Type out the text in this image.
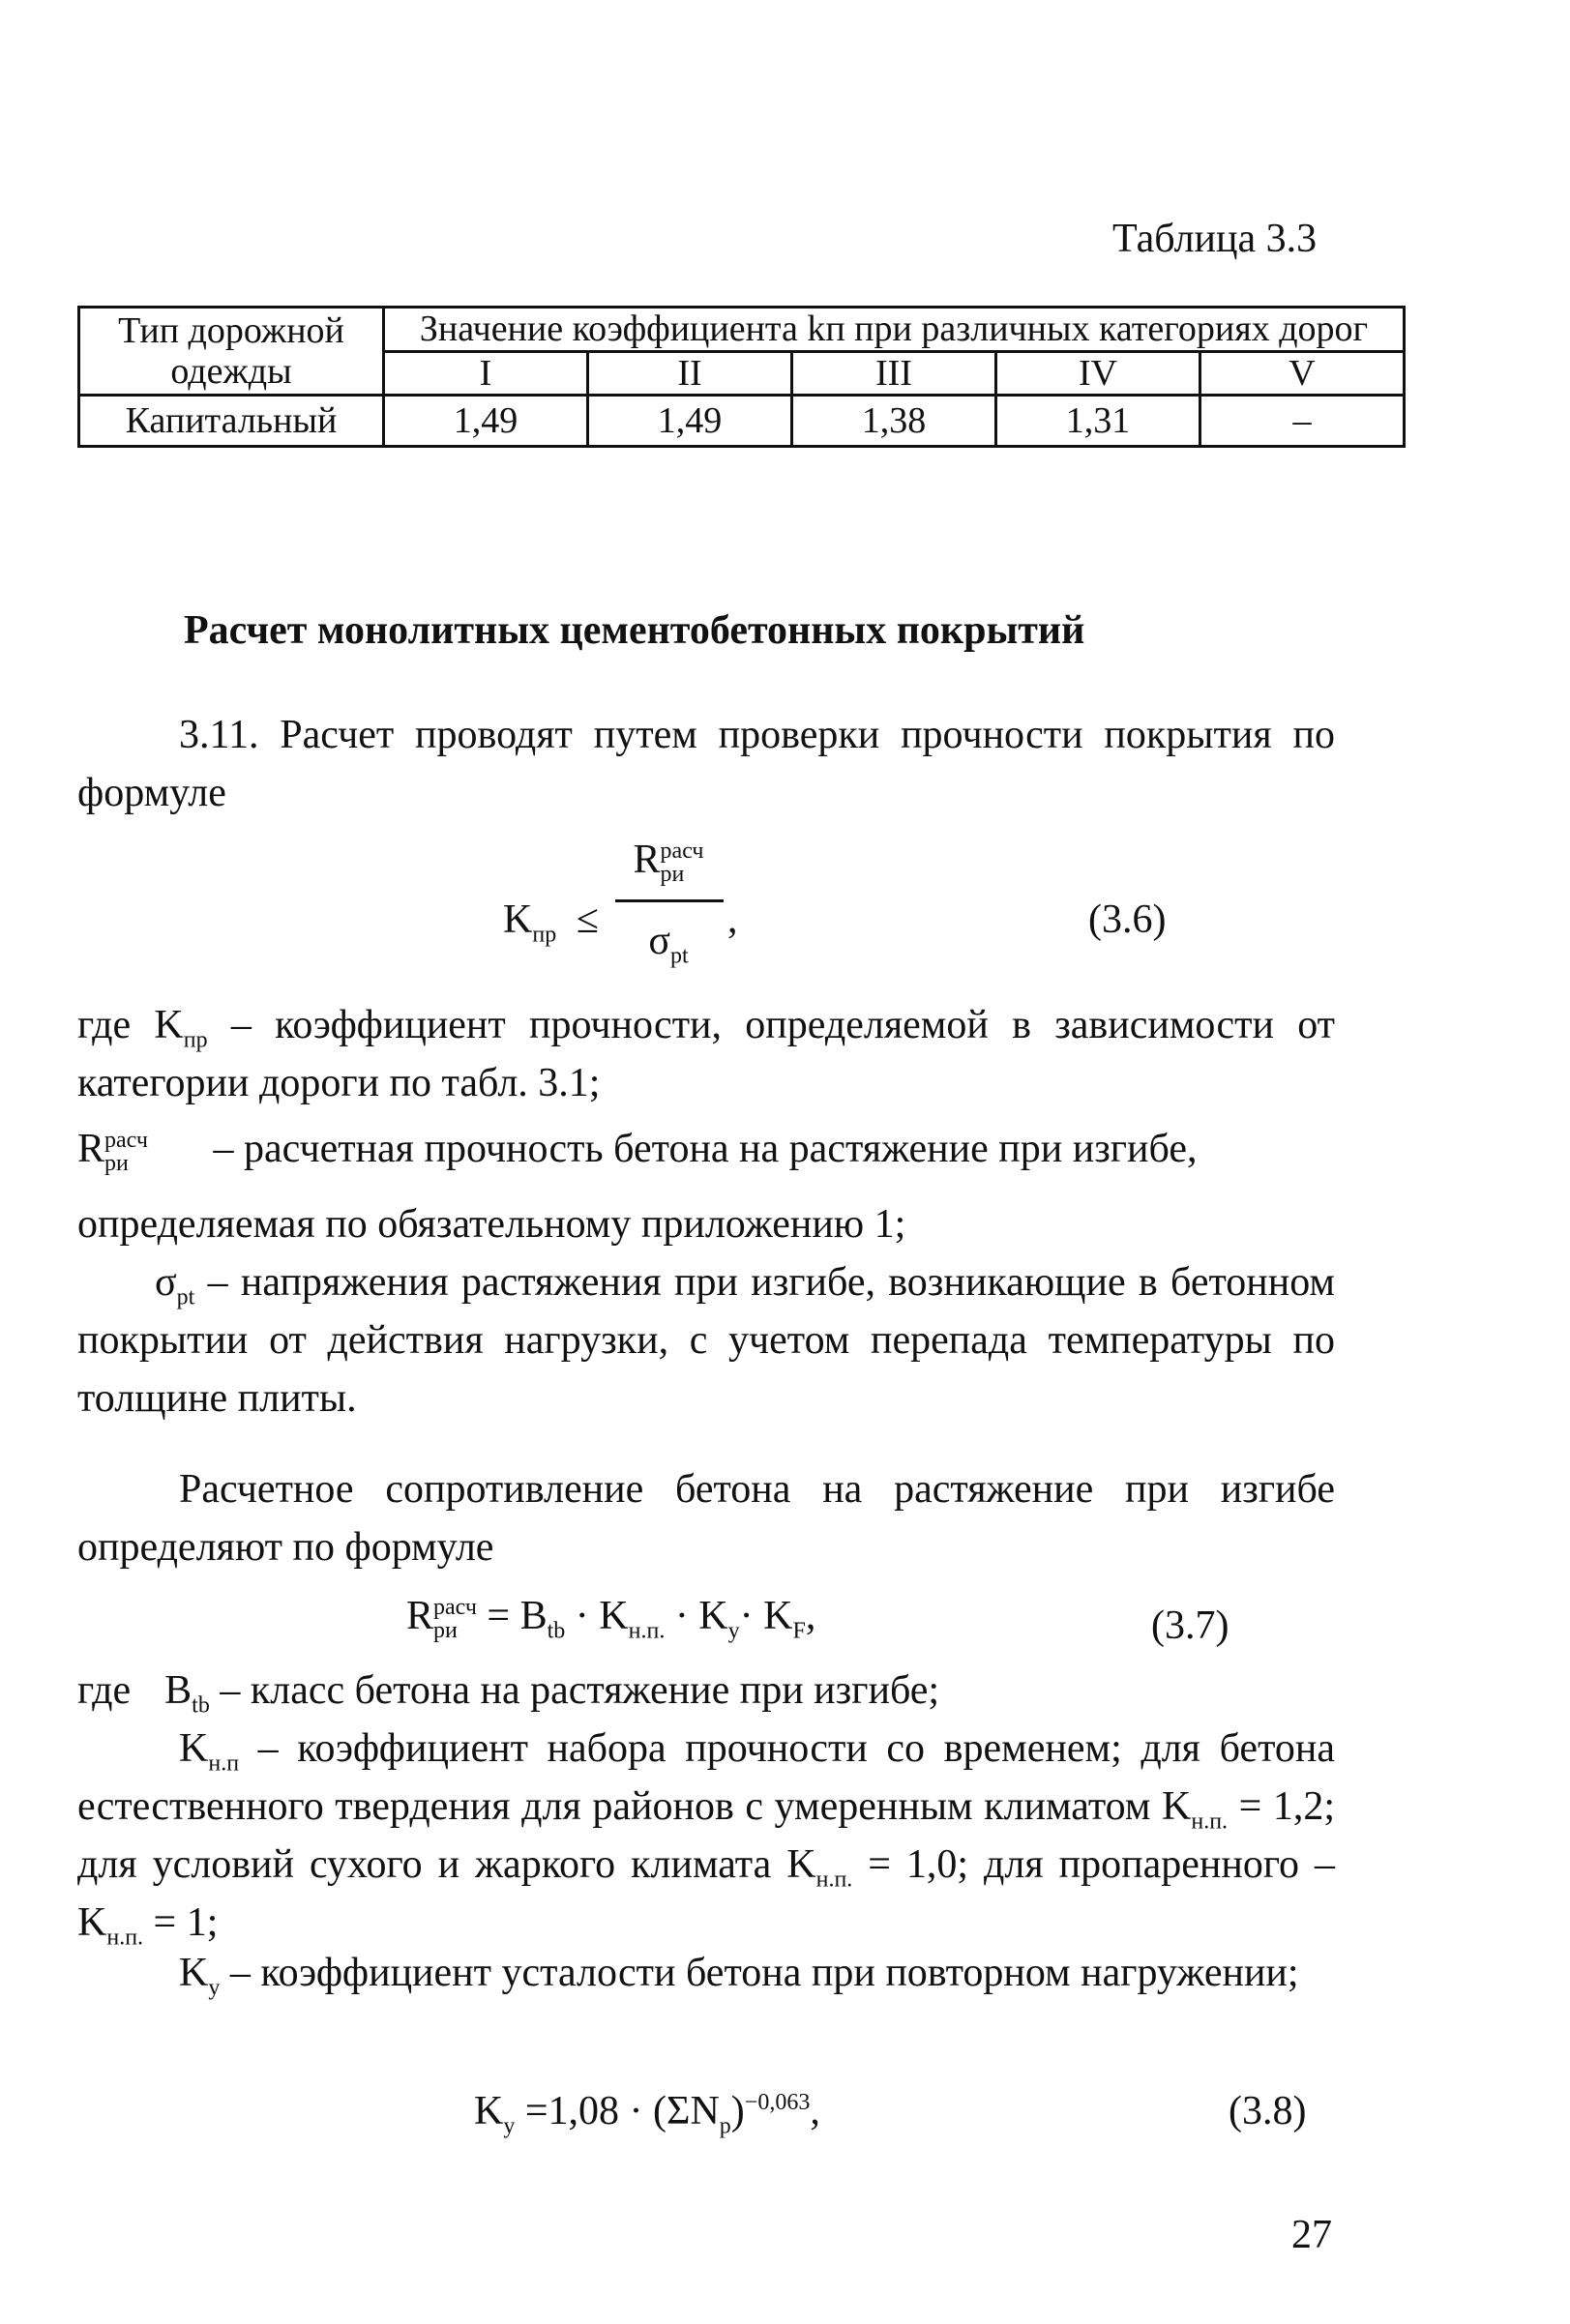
Таблица 3.3
Тип дорожной одежды	Значение коэффициента kп при различных категориях дорог				
	I	II	III	IV	V
Капитальный	1,49	1,49	1,38	1,31	–
Расчет монолитных цементобетонных покрытий
3.11. Расчет проводят путем проверки прочности покрытия по формуле
$K_{пр}$ ≤
R расч
ри
$\sigma_{pt}$
,	(3.6)
где $K_{пр}$ – коэффициент прочности, определяемой в зависимости от категории дороги по табл. 3.1;
R расч
ри	– расчетная прочность бетона на растяжение при изгибе,
определяемая по обязательному приложению 1;
$\sigma_{pt}$ – напряжения растяжения при изгибе, возникающие в бетонном покрытии от действия нагрузки, с учетом перепада температуры по толщине плиты.
Расчетное сопротивление бетона на растяжение при изгибе определяют по формуле
R расч
ри = $B_{tb} \cdot K_{н.п.} \cdot K_у\cdot K_F$,	(3.7)
где $B_{tb}$ – класс бетона на растяжение при изгибе;
$K_{н.п}$ – коэффициент набора прочности со временем; для бетона естественного твердения для районов с умеренным климатом $K_{н.п.} = 1,2$; для условий сухого и жаркого климата $K_{н.п.} = 1,0$; для пропаренного – $K_{н.п.} = 1$;
$K_у$ – коэффициент усталости бетона при повторном нагружении;
$K_у =1,08 \cdot (\Sigma N_р)^{-0,063}$,	(3.8)
27
